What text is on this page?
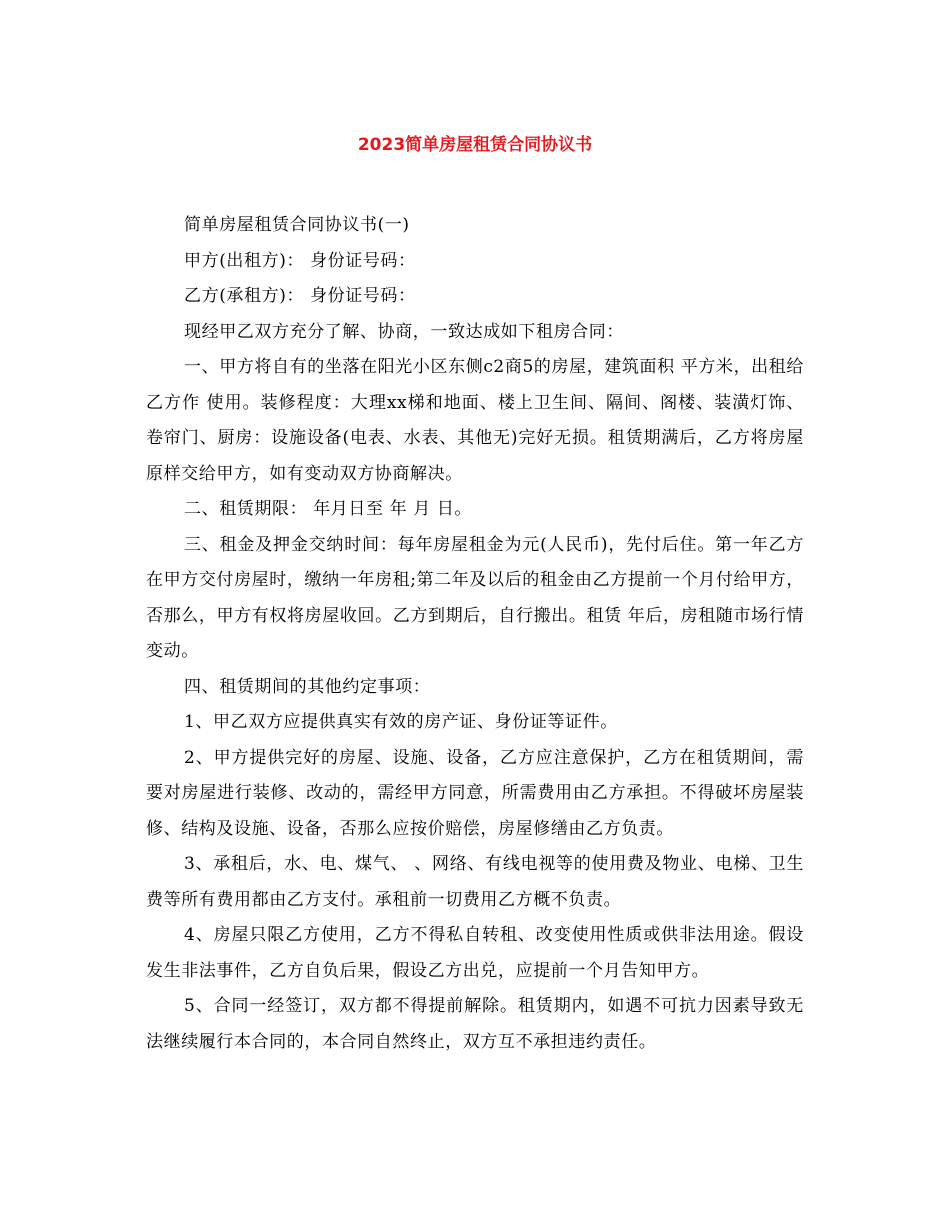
2023简单房屋租赁合同协议书

简单房屋租赁合同协议书(一)

甲方(出租方)： 身份证号码：

乙方(承租方)： 身份证号码：

现经甲乙双方充分了解、协商，一致达成如下租房合同：

一、甲方将自有的坐落在阳光小区东侧c2商5的房屋，建筑面积 平方米，出租给乙方作 使用。装修程度：大理xx梯和地面、楼上卫生间、隔间、阁楼、装潢灯饰、卷帘门、厨房：设施设备(电表、水表、其他无)完好无损。租赁期满后，乙方将房屋原样交给甲方，如有变动双方协商解决。

二、租赁期限： 年月日至 年 月 日。

三、租金及押金交纳时间：每年房屋租金为元(人民币)，先付后住。第一年乙方在甲方交付房屋时，缴纳一年房租;第二年及以后的租金由乙方提前一个月付给甲方，否那么，甲方有权将房屋收回。乙方到期后，自行搬出。租赁 年后，房租随市场行情变动。

四、租赁期间的其他约定事项：

1、甲乙双方应提供真实有效的房产证、身份证等证件。

2、甲方提供完好的房屋、设施、设备，乙方应注意保护，乙方在租赁期间，需要对房屋进行装修、改动的，需经甲方同意，所需费用由乙方承担。不得破坏房屋装修、结构及设施、设备，否那么应按价赔偿，房屋修缮由乙方负责。

3、承租后，水、电、煤气、 、网络、有线电视等的使用费及物业、电梯、卫生费等所有费用都由乙方支付。承租前一切费用乙方概不负责。

4、房屋只限乙方使用，乙方不得私自转租、改变使用性质或供非法用途。假设发生非法事件，乙方自负后果，假设乙方出兑，应提前一个月告知甲方。

5、合同一经签订，双方都不得提前解除。租赁期内，如遇不可抗力因素导致无法继续履行本合同的，本合同自然终止，双方互不承担违约责任。
